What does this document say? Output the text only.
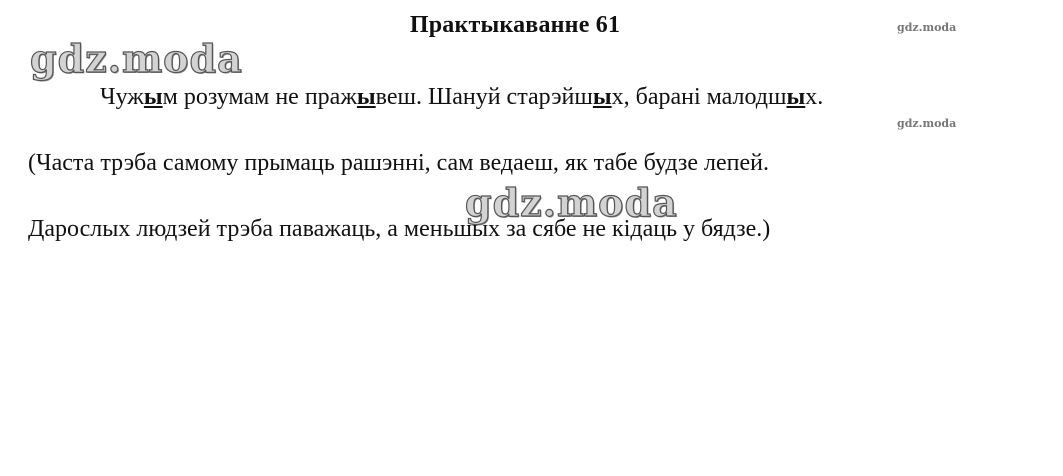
Практыкаванне 61
gdz.moda
gdz.moda
gdz.moda
gdz.moda
Чужым розумам не пражывеш. Шануй старэйшых, барані малодшых.
(Часта трэба самому прымаць рашэнні, сам ведаеш, як табе будзе лепей.
Дарослых людзей трэба паважаць, а меньшых за сябе не кідаць у бядзе.)
